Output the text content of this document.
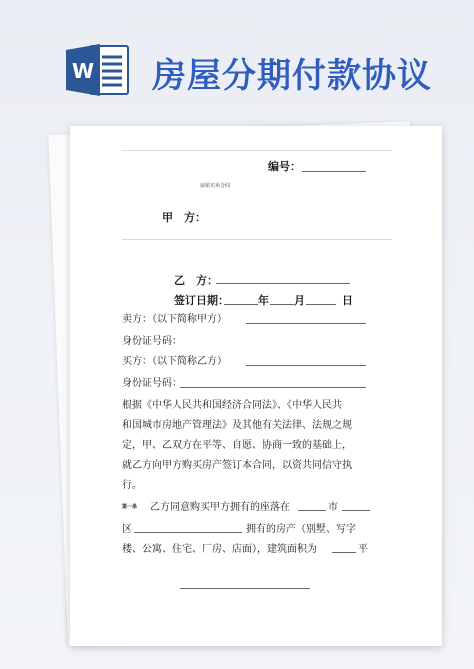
W 房屋分期付款协议
编号：
房屋买卖合同
甲　方：
乙　方：
签订日期：	年 月	日
卖方：（以下简称甲方）
身份证号码：
买方：（以下简称乙方）
身份证号码：
根据《中华人民共和国经济合同法》、《中华人民共
和国城市房地产管理法》及其他有关法律、法规之规
定，甲、乙双方在平等、自愿、协商一致的基础上，
就乙方向甲方购买房产签订本合同，以资共同信守执
行。
第一条 乙方同意购买甲方拥有的座落在	市
区	拥有的房产（别墅、写字
楼、公寓、住宅、厂房、店面），建筑面积为	平
